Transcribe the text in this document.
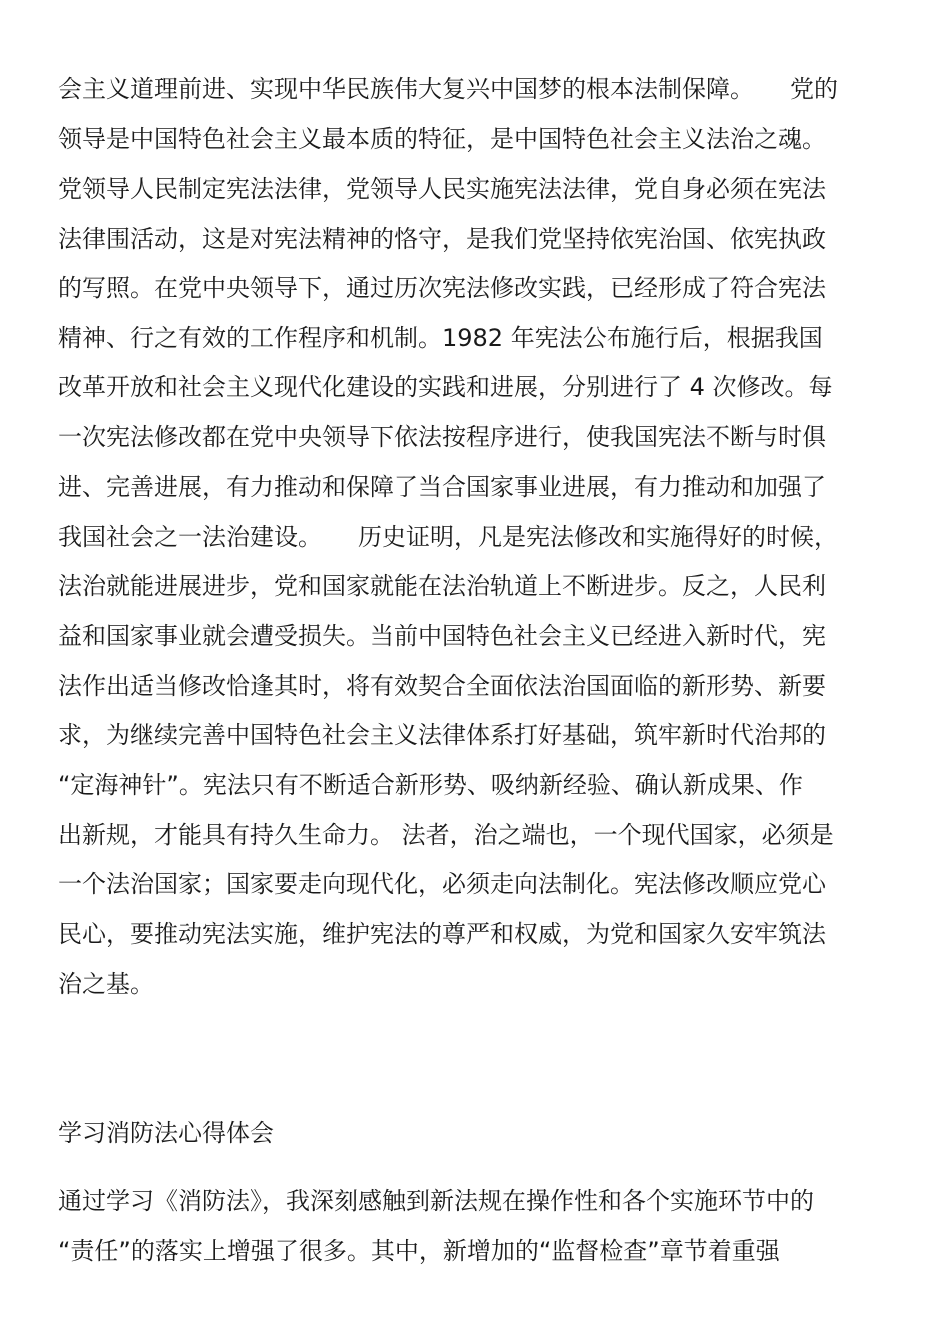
会主义道理前进、实现中华民族伟大复兴中国梦的根本法制保障。　　党的
领导是中国特色社会主义最本质的特征，是中国特色社会主义法治之魂。
党领导人民制定宪法法律，党领导人民实施宪法法律，党自身必须在宪法
法律围活动，这是对宪法精神的恪守，是我们党坚持依宪治国、依宪执政
的写照。在党中央领导下，通过历次宪法修改实践，已经形成了符合宪法
精神、行之有效的工作程序和机制。1982 年宪法公布施行后，根据我国
改革开放和社会主义现代化建设的实践和进展，分别进行了 4 次修改。每
一次宪法修改都在党中央领导下依法按程序进行，使我国宪法不断与时俱
进、完善进展，有力推动和保障了当合国家事业进展，有力推动和加强了
我国社会之一法治建设。　　历史证明，凡是宪法修改和实施得好的时候，
法治就能进展进步，党和国家就能在法治轨道上不断进步。反之，人民利
益和国家事业就会遭受损失。当前中国特色社会主义已经进入新时代，宪
法作出适当修改恰逢其时，将有效契合全面依法治国面临的新形势、新要
求，为继续完善中国特色社会主义法律体系打好基础，筑牢新时代治邦的
“定海神针”。宪法只有不断适合新形势、吸纳新经验、确认新成果、作
出新规，才能具有持久生命力。 法者，治之端也，一个现代国家，必须是
一个法治国家；国家要走向现代化，必须走向法制化。宪法修改顺应党心
民心，要推动宪法实施，维护宪法的尊严和权威，为党和国家久安牢筑法
治之基。
学习消防法心得体会
通过学习《消防法》，我深刻感触到新法规在操作性和各个实施环节中的
“责任”的落实上增强了很多。其中，新增加的“监督检查”章节着重强
